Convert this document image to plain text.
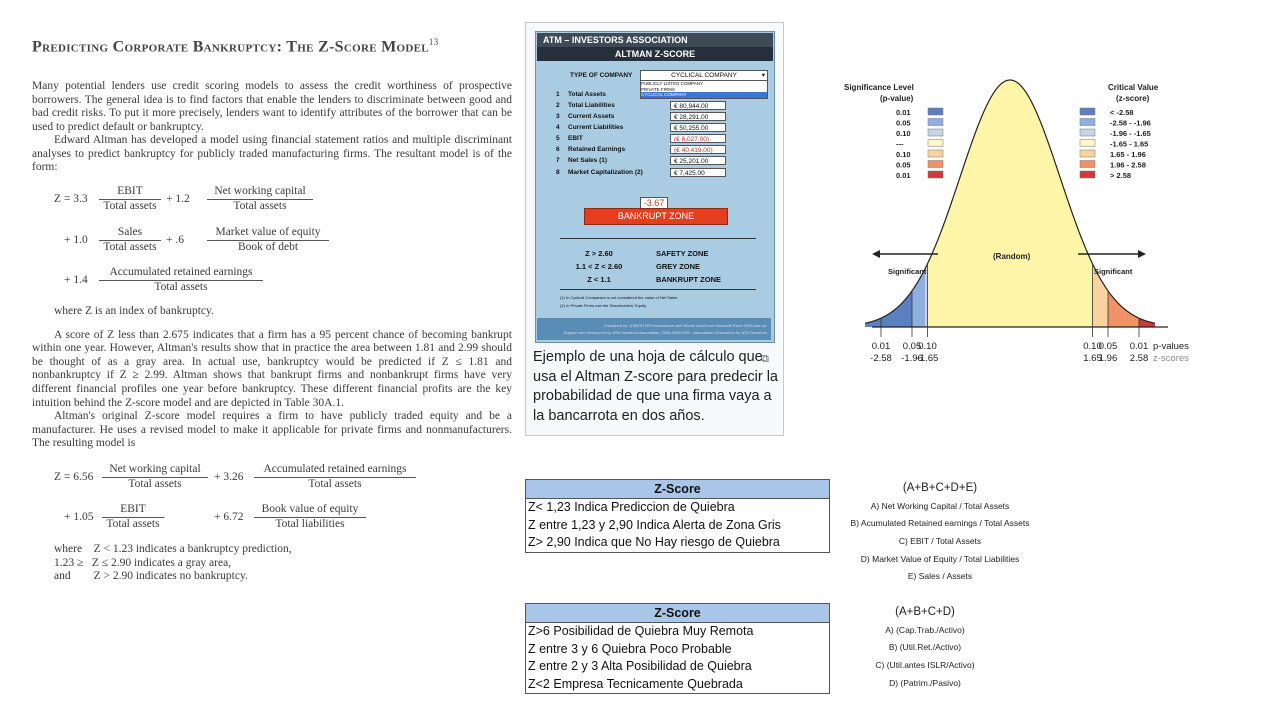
Predicting Corporate Bankruptcy: The Z-Score Model$^{13}$

Many potential lenders use credit scoring models to assess the credit worthiness of prospective borrowers. The general idea is to find factors that enable the lenders to discriminate between good and bad credit risks. To put it more precisely, lenders want to identify attributes of the borrower that can be used to predict default or bankruptcy.

Edward Altman has developed a model using financial statement ratios and multiple discriminant analyses to predict bankruptcy for publicly traded manufacturing firms. The resultant model is of the form:

Z = 3.3
EBIT
Total assets
+ 1.2
Net working capital
Total assets
+ 1.0
Sales
Total assets
+ .6
Market value of equity
Book of debt
+ 1.4
Accumulated retained earnings
Total assets

where Z is an index of bankruptcy.

A score of Z less than 2.675 indicates that a firm has a 95 percent chance of becoming bankrupt within one year. However, Altman's results show that in practice the area between 1.81 and 2.99 should be thought of as a gray area. In actual use, bankruptcy would be predicted if Z ≤ 1.81 and nonbankruptcy if Z ≥ 2.99. Altman shows that bankrupt firms and nonbankrupt firms have very different financial profiles one year before bankruptcy. These different financial profits are the key intuition behind the Z-score model and are depicted in Table 30A.1.

Altman's original Z-score model requires a firm to have publicly traded equity and be a manufacturer. He uses a revised model to make it applicable for private firms and nonmanufacturers. The resulting model is

Z = 6.56
Net working capital
Total assets
+ 3.26
Accumulated retained earnings
Total assets
+ 1.05
EBIT
Total assets
+ 6.72
Book value of equity
Total liabilities

where    Z < 1.23 indicates a bankruptcy prediction,

1.23 ≥   Z ≤ 2.90 indicates a gray area,

and        Z > 2.90 indicates no bankruptcy.

ATM – INVESTORS ASSOCIATION
ALTMAN Z-SCORE
TYPE OF COMPANY	CYCLICAL COMPANY	▾
PUBLICLY LISTED COMPANY
PRIVATE FIRMS
CYCLICAL COMPANY
1 Total Assets
2 Total Liabilities	€ 80,944.00
3 Current Assets	€ 28,291.00
4 Current Liabilities	€ 50,255.00
5 EBIT	(€ 6,027.00)
6 Retained Earnings	(€ 40,419.00)
7 Net Sales (1)	€ 25,201.00
8 Market Capitalization (2)	€ 7,425.00
-3.67
BANKRUPT ZONE
Z > 2.60	SAFETY ZONE
1.1 < Z < 2.60	GREY ZONE
Z < 1.1	BANKRUPT ZONE
(1) In Cyclical Companies is not considered the value of Net Sales.
(2) In Private Firms use the Shareholders' Equity.
Contained by: (C)BOOTEX Investments and Works Used from Microsoft Excel 2008 and up.
Support and developed by: ATM Investors Association, 2006-2009 ATM - association of investors for ATM Investors
Ejemplo de una hoja de cálculo que usa el Altman Z-score para predecir la probabilidad de que una firma vaya a la bancarrota en dos años.
⧉
Significance Level
(p-value)
Critical Value
(z-score)
0.01
0.05
0.10
---
0.10
0.05
0.01
< -2.58
-2.58 - -1.96
-1.96 - -1.65
-1.65 - 1.65
1.65 - 1.96
1.96 - 2.58
> 2.58
Significant	Significant
(Random)
0.01
-2.58
0.05
-1.96
0.10
-1.65
0.10
1.65
0.05
1.96
0.01
2.58
p-values
z-scores
Z-Score
Z< 1,23 Indica Prediccion de Quiebra
Z entre 1,23 y 2,90 Indica Alerta de Zona Gris
Z> 2,90 Indica que No Hay riesgo de Quiebra
(A+B+C+D+E)
A) Net Working Capital / Total Assets
B) Acumulated Retained earnings / Total Assets
C) EBIT / Total Assets
D) Market Value of Equity / Total Liabilities
E) Sales / Assets
Z-Score
Z>6 Posibilidad de Quiebra Muy Remota
Z entre 3 y 6 Quiebra Poco Probable
Z entre 2 y 3 Alta Posibilidad de Quiebra
Z<2 Empresa Tecnicamente Quebrada
(A+B+C+D)
A) (Cap.Trab./Activo)
B) (Util.Ret./Activo)
C) (Util.antes ISLR/Activo)
D) (Patrim./Pasivo)
